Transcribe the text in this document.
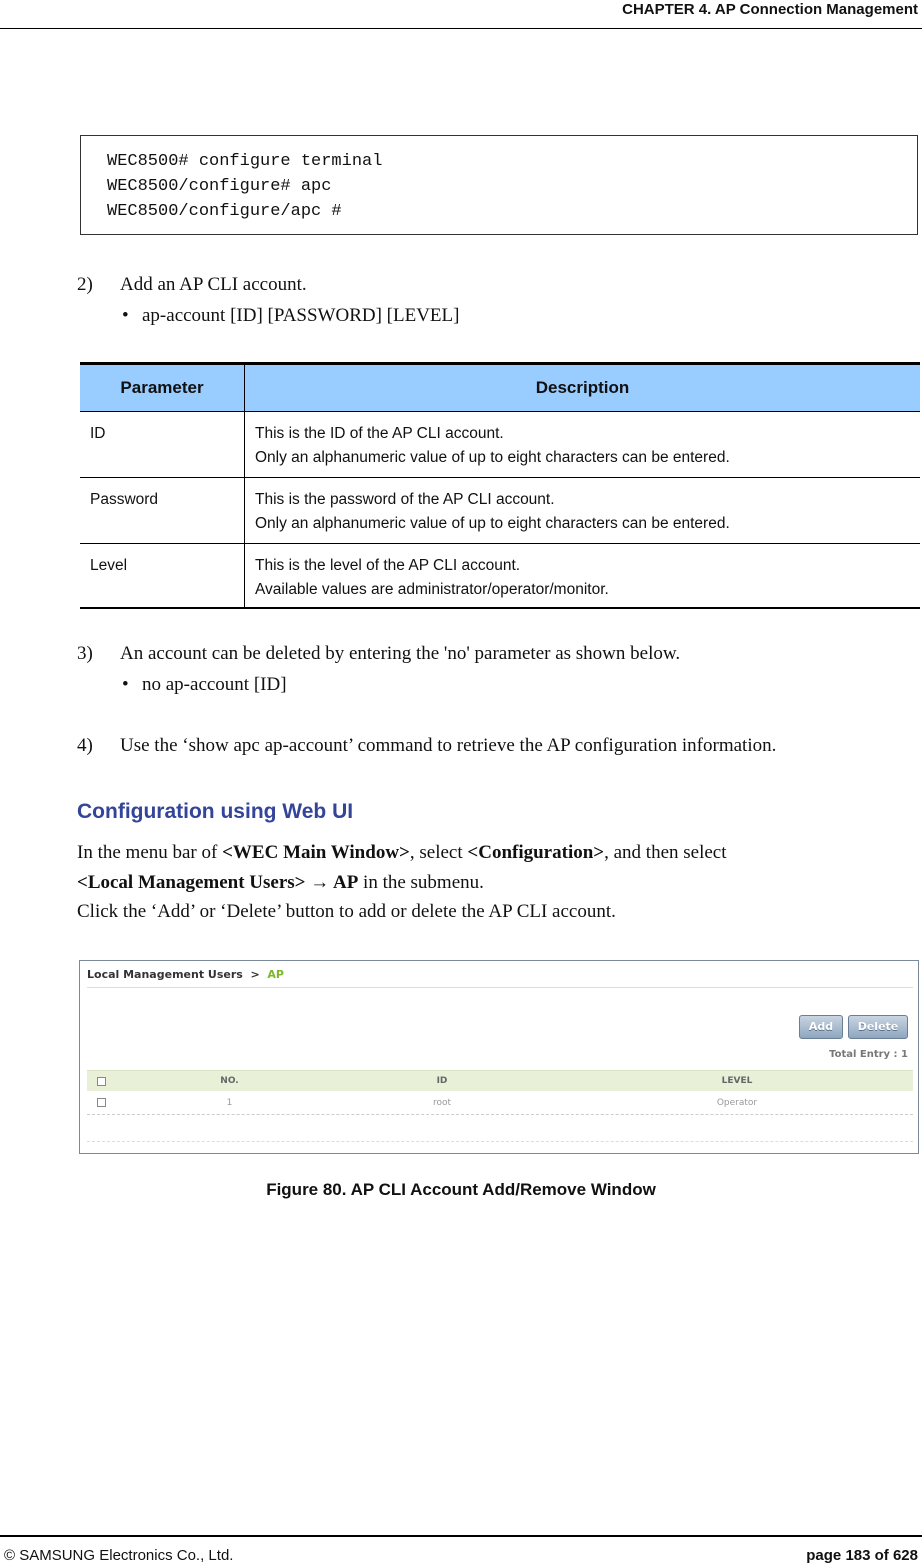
CHAPTER 4. AP Connection Management
WEC8500# configure terminal
WEC8500/configure# apc
WEC8500/configure/apc #
2) Add an AP CLI account.
• ap-account [ID] [PASSWORD] [LEVEL]
Parameter	Description
ID	This is the ID of the AP CLI account.
Only an alphanumeric value of up to eight characters can be entered.

Password	This is the password of the AP CLI account.
Only an alphanumeric value of up to eight characters can be entered.

Level	This is the level of the AP CLI account.
Available values are administrator/operator/monitor.
3) An account can be deleted by entering the 'no' parameter as shown below.
• no ap-account [ID]
4) Use the ‘show apc ap-account’ command to retrieve the AP configuration information.
Configuration using Web UI
In the menu bar of <WEC Main Window>, select <Configuration>, and then select
<Local Management Users> → AP in the submenu.
Click the ‘Add’ or ‘Delete’ button to add or delete the AP CLI account.
Local Management Users > AP
Add	Delete
Total Entry : 1
NO.	ID	LEVEL
1	root	Operator
Figure 80. AP CLI Account Add/Remove Window
© SAMSUNG Electronics Co., Ltd.	page 183 of 628
